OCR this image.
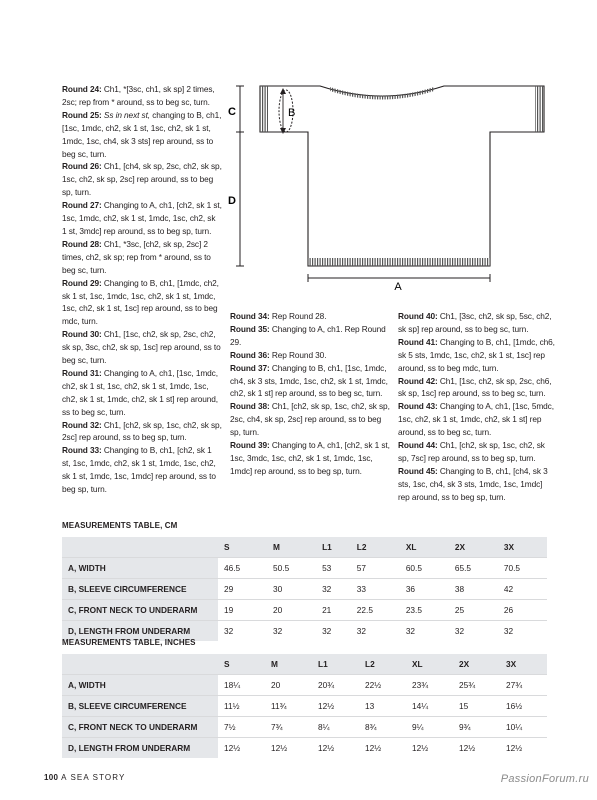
Round 24: Ch1, *[3sc, ch1, sk sp] 2 times, 2sc; rep from * around, ss to beg sc, turn.

Round 25: Ss in next st, changing to B, ch1, [1sc, 1mdc, ch2, sk 1 st, 1sc, ch2, sk 1 st, 1mdc, 1sc, ch4, sk 3 sts] rep around, ss to beg sc, turn.

Round 26: Ch1, [ch4, sk sp, 2sc, ch2, sk sp, 1sc, ch2, sk sp, 2sc] rep around, ss to beg sp, turn.

Round 27: Changing to A, ch1, [ch2, sk 1 st, 1sc, 1mdc, ch2, sk 1 st, 1mdc, 1sc, ch2, sk 1 st, 3mdc] rep around, ss to beg sp, turn.

Round 28: Ch1, *3sc, [ch2, sk sp, 2sc] 2 times, ch2, sk sp; rep from * around, ss to beg sc, turn.

Round 29: Changing to B, ch1, [1mdc, ch2, sk 1 st, 1sc, 1mdc, 1sc, ch2, sk 1 st, 1mdc, 1sc, ch2, sk 1 st, 1sc] rep around, ss to beg mdc, turn.

Round 30: Ch1, [1sc, ch2, sk sp, 2sc, ch2, sk sp, 3sc, ch2, sk sp, 1sc] rep around, ss to beg sc, turn.

Round 31: Changing to A, ch1, [1sc, 1mdc, ch2, sk 1 st, 1sc, ch2, sk 1 st, 1mdc, 1sc, ch2, sk 1 st, 1mdc, ch2, sk 1 st] rep around, ss to beg sc, turn.

Round 32: Ch1, [ch2, sk sp, 1sc, ch2, sk sp, 2sc] rep around, ss to beg sp, turn.

Round 33: Changing to B, ch1, [ch2, sk 1 st, 1sc, 1mdc, ch2, sk 1 st, 1mdc, 1sc, ch2, sk 1 st, 1mdc, 1sc, 1mdc] rep around, ss to beg sp, turn.

Round 34: Rep Round 28.

Round 35: Changing to A, ch1. Rep Round 29.

Round 36: Rep Round 30.

Round 37: Changing to B, ch1, [1sc, 1mdc, ch4, sk 3 sts, 1mdc, 1sc, ch2, sk 1 st, 1mdc, ch2, sk 1 st] rep around, ss to beg sc, turn.

Round 38: Ch1, [ch2, sk sp, 1sc, ch2, sk sp, 2sc, ch4, sk sp, 2sc] rep around, ss to beg sp, turn.

Round 39: Changing to A, ch1, [ch2, sk 1 st, 1sc, 3mdc, 1sc, ch2, sk 1 st, 1mdc, 1sc, 1mdc] rep around, ss to beg sp, turn.

Round 40: Ch1, [3sc, ch2, sk sp, 5sc, ch2, sk sp] rep around, ss to beg sc, turn.

Round 41: Changing to B, ch1, [1mdc, ch6, sk 5 sts, 1mdc, 1sc, ch2, sk 1 st, 1sc] rep around, ss to beg mdc, turn.

Round 42: Ch1, [1sc, ch2, sk sp, 2sc, ch6, sk sp, 1sc] rep around, ss to beg sc, turn.

Round 43: Changing to A, ch1, [1sc, 5mdc, 1sc, ch2, sk 1 st, 1mdc, ch2, sk 1 st] rep around, ss to beg sc, turn.

Round 44: Ch1, [ch2, sk sp, 1sc, ch2, sk sp, 7sc] rep around, ss to beg sp, turn.

Round 45: Changing to B, ch1, [ch4, sk 3 sts, 1sc, ch4, sk 3 sts, 1mdc, 1sc, 1mdc] rep around, ss to beg sp, turn.

A
B
C
D
MEASUREMENTS TABLE, CM
	S	M	L1	L2	XL	2X	3X
A, WIDTH	46.5	50.5	53	57	60.5	65.5	70.5
B, SLEEVE CIRCUMFERENCE	29	30	32	33	36	38	42
C, FRONT NECK TO UNDERARM	19	20	21	22.5	23.5	25	26
D, LENGTH FROM UNDERARM	32	32	32	32	32	32	32
MEASUREMENTS TABLE, INCHES
	S	M	L1	L2	XL	2X	3X
A, WIDTH	18¼	20	20¾	22½	23¾	25¾	27¾
B, SLEEVE CIRCUMFERENCE	11½	11¾	12½	13	14¼	15	16½
C, FRONT NECK TO UNDERARM	7½	7¾	8¼	8¾	9¼	9¾	10¼
D, LENGTH FROM UNDERARM	12½	12½	12½	12½	12½	12½	12½
100 A SEA STORY	PassionForum.ru
